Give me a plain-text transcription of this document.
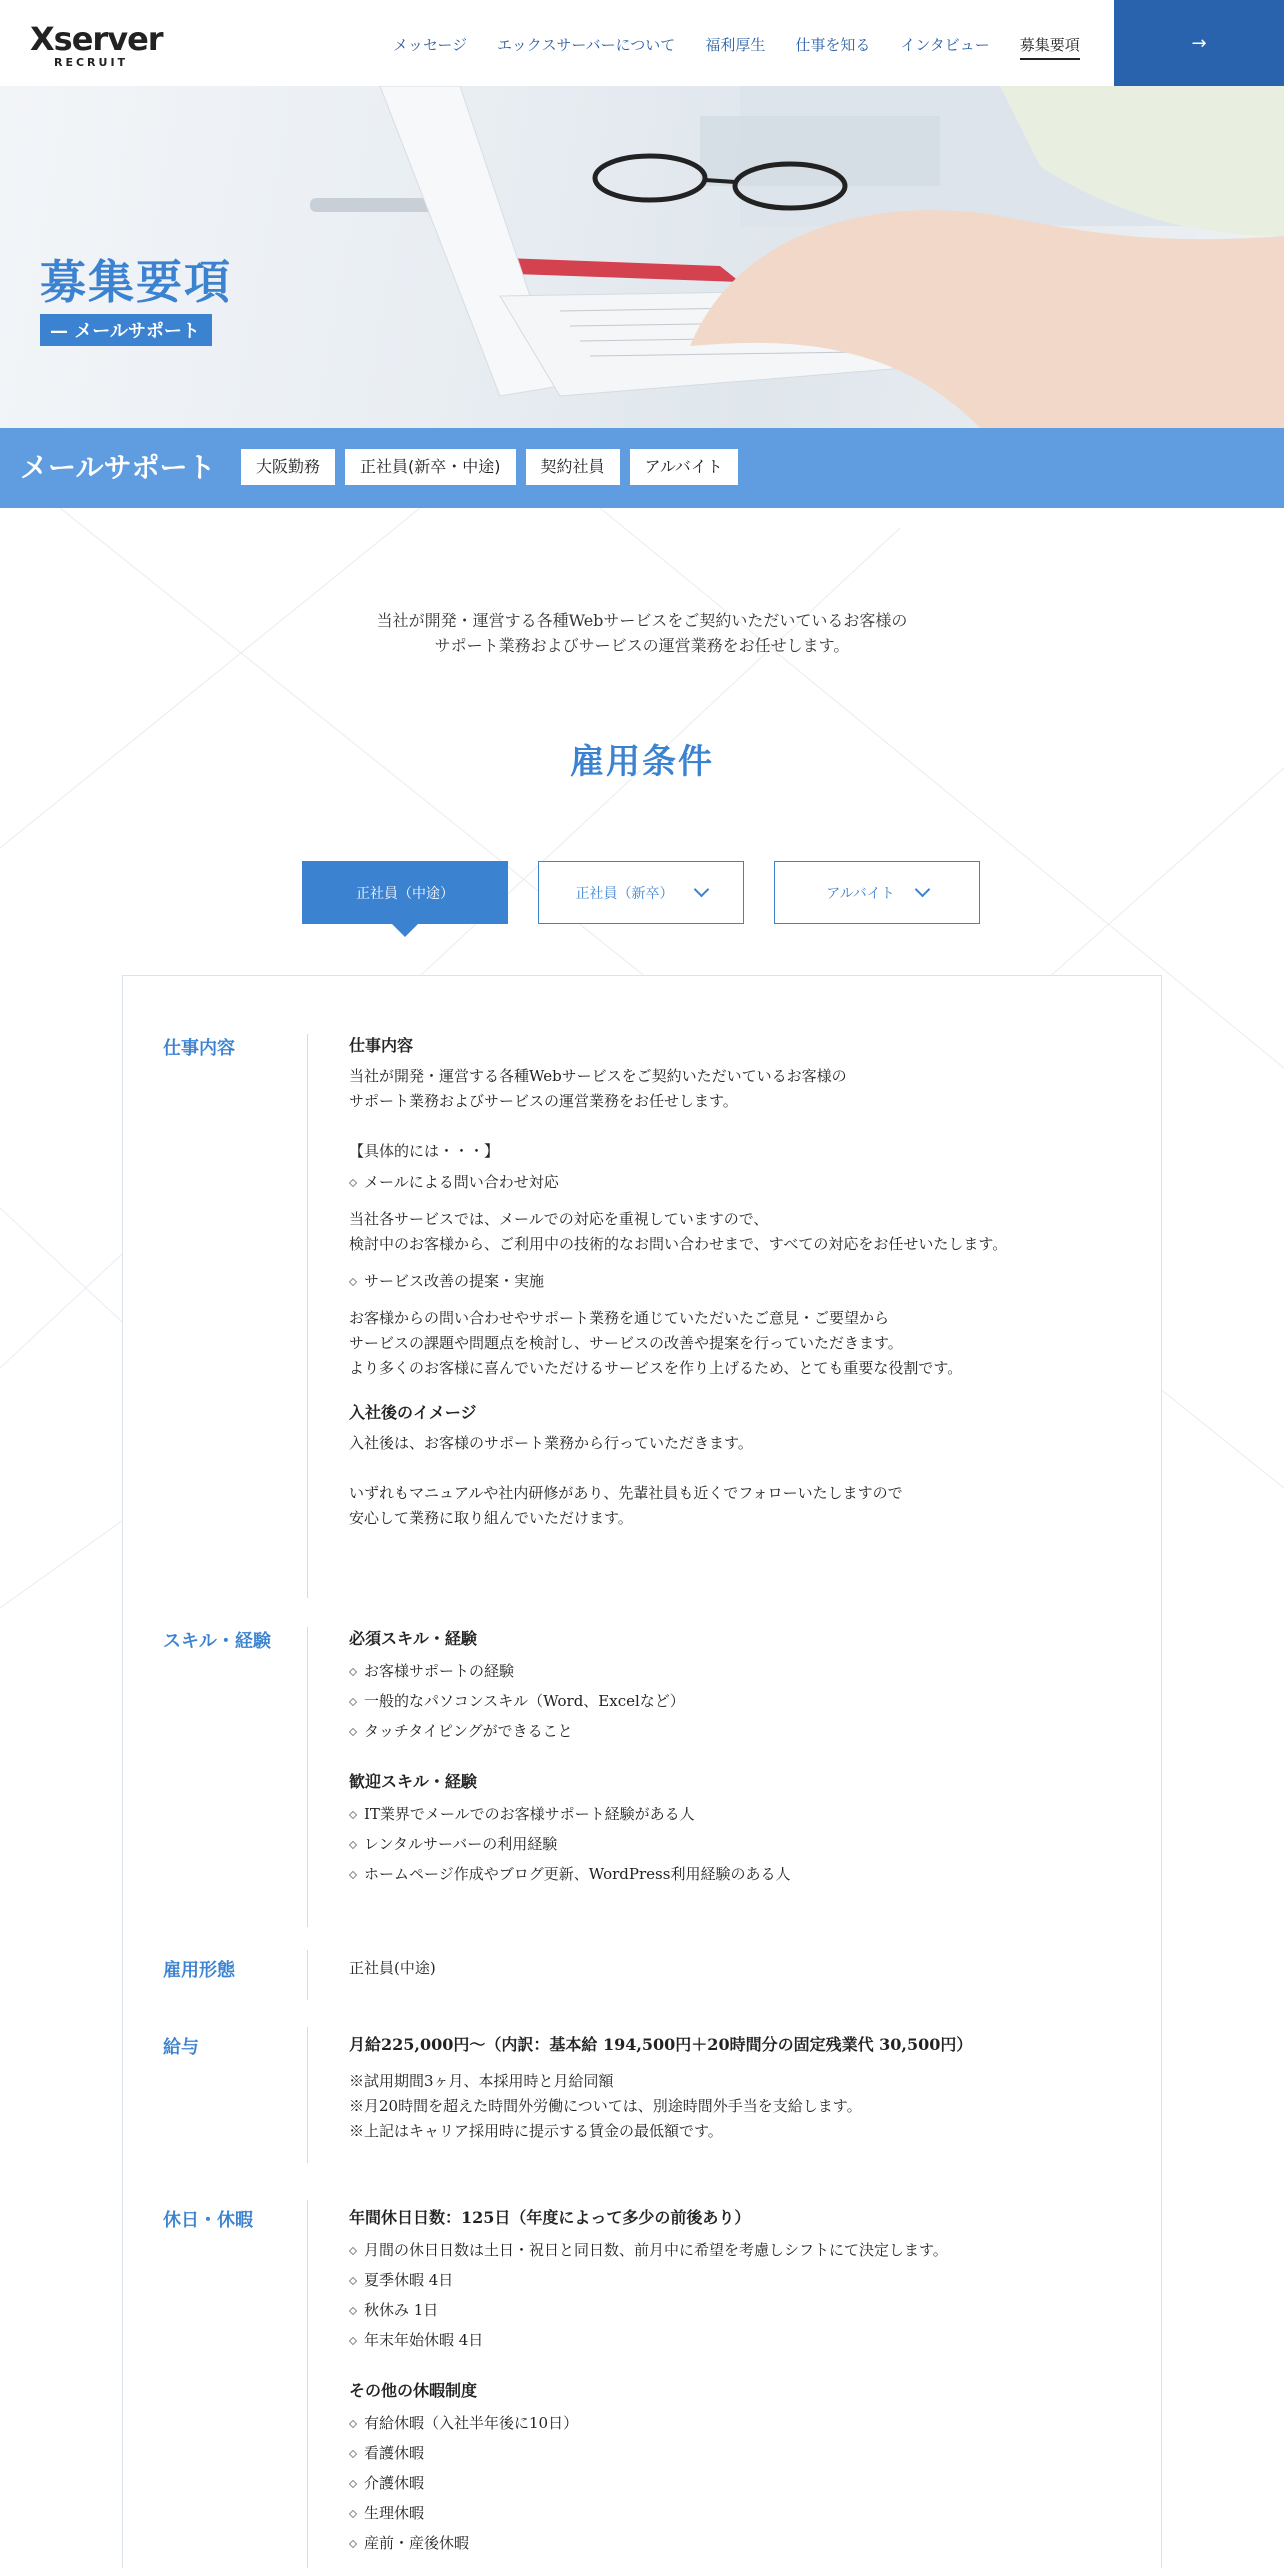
Xserver
RECRUIT
メッセージ エックスサーバーについて 福利厚生 仕事を知る インタビュー 募集要項	→
募集要項
— メールサポート
メールサポート	大阪勤務	正社員(新卒・中途)	契約社員	アルバイト
当社が開発・運営する各種Webサービスをご契約いただいているお客様の
サポート業務およびサービスの運営業務をお任せします。
雇用条件
正社員（中途）	正社員（新卒）	アルバイト
仕事内容	仕事内容
当社が開発・運営する各種Webサービスをご契約いただいているお客様の
サポート業務およびサービスの運営業務をお任せします。
【具体的には・・・】
メールによる問い合わせ対応
当社各サービスでは、メールでの対応を重視していますので、
検討中のお客様から、ご利用中の技術的なお問い合わせまで、すべての対応をお任せいたします。
サービス改善の提案・実施
お客様からの問い合わせやサポート業務を通じていただいたご意見・ご要望から
サービスの課題や問題点を検討し、サービスの改善や提案を行っていただきます。
より多くのお客様に喜んでいただけるサービスを作り上げるため、とても重要な役割です。
入社後のイメージ
入社後は、お客様のサポート業務から行っていただきます。
いずれもマニュアルや社内研修があり、先輩社員も近くでフォローいたしますので
安心して業務に取り組んでいただけます。
スキル・経験	必須スキル・経験
お客様サポートの経験
一般的なパソコンスキル（Word、Excelなど）
タッチタイピングができること
歓迎スキル・経験
IT業界でメールでのお客様サポート経験がある人
レンタルサーバーの利用経験
ホームページ作成やブログ更新、WordPress利用経験のある人
雇用形態	正社員(中途)
給与	月給225,000円～（内訳：基本給 194,500円＋20時間分の固定残業代 30,500円）
※試用期間3ヶ月、本採用時と月給同額
※月20時間を超えた時間外労働については、別途時間外手当を支給します。
※上記はキャリア採用時に提示する賃金の最低額です。
休日・休暇	年間休日日数：125日（年度によって多少の前後あり）
月間の休日日数は土日・祝日と同日数、前月中に希望を考慮しシフトにて決定します。
夏季休暇 4日
秋休み 1日
年末年始休暇 4日
その他の休暇制度
有給休暇（入社半年後に10日）
看護休暇
介護休暇
生理休暇
産前・産後休暇
